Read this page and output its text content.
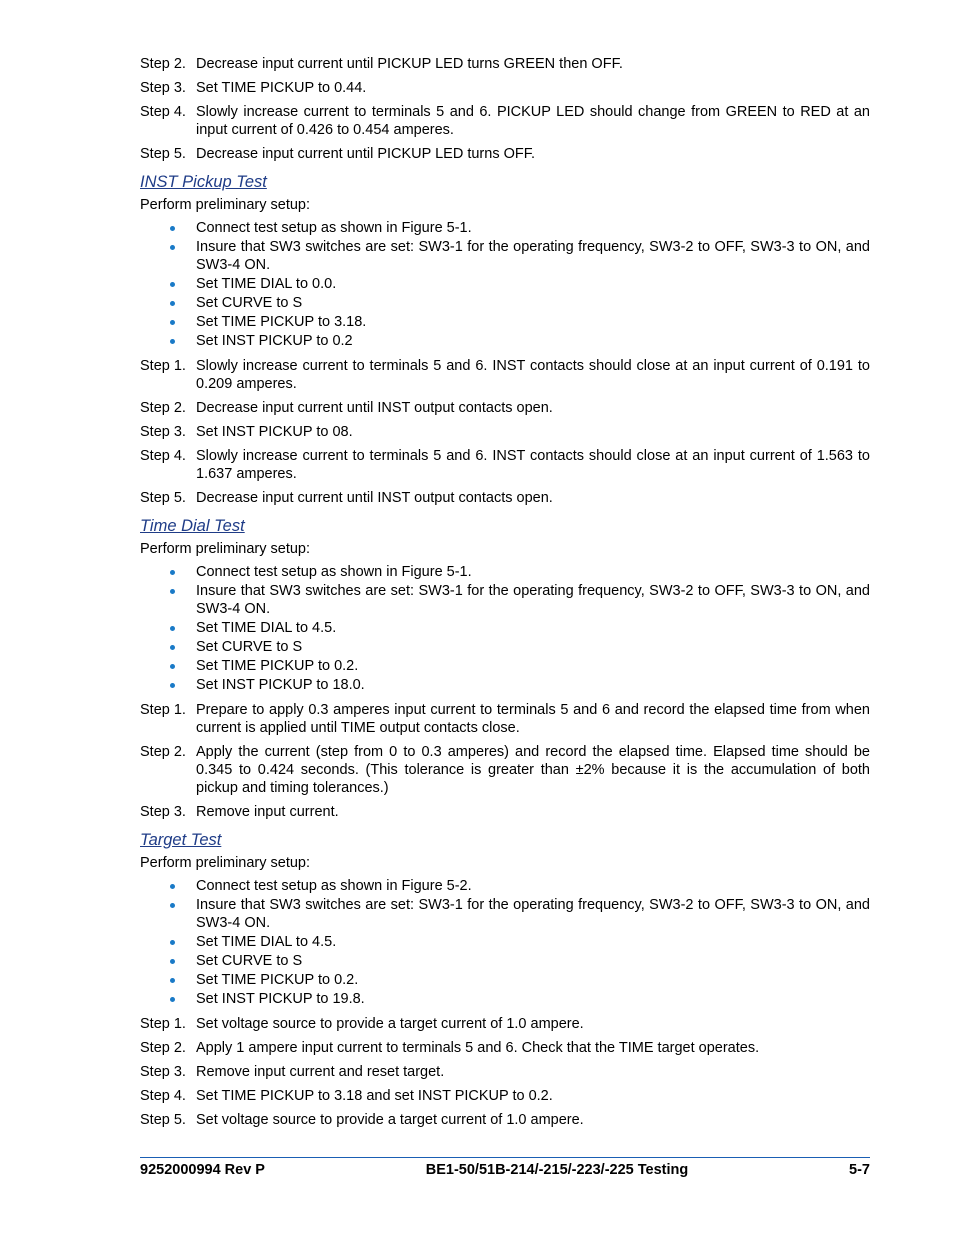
Step 2. Decrease input current until PICKUP LED turns GREEN then OFF.
Step 3. Set TIME PICKUP to 0.44.
Step 4. Slowly increase current to terminals 5 and 6. PICKUP LED should change from GREEN to RED at an input current of 0.426 to 0.454 amperes.
Step 5. Decrease input current until PICKUP LED turns OFF.
INST Pickup Test
Perform preliminary setup:
Connect test setup as shown in Figure 5-1.
Insure that SW3 switches are set: SW3-1 for the operating frequency, SW3-2 to OFF, SW3-3 to ON, and SW3-4 ON.
Set TIME DIAL to 0.0.
Set CURVE to S
Set TIME PICKUP to 3.18.
Set INST PICKUP to 0.2
Step 1. Slowly increase current to terminals 5 and 6. INST contacts should close at an input current of 0.191 to 0.209 amperes.
Step 2. Decrease input current until INST output contacts open.
Step 3. Set INST PICKUP to 08.
Step 4. Slowly increase current to terminals 5 and 6. INST contacts should close at an input current of 1.563 to 1.637 amperes.
Step 5. Decrease input current until INST output contacts open.
Time Dial Test
Perform preliminary setup:
Connect test setup as shown in Figure 5-1.
Insure that SW3 switches are set: SW3-1 for the operating frequency, SW3-2 to OFF, SW3-3 to ON, and SW3-4 ON.
Set TIME DIAL to 4.5.
Set CURVE to S
Set TIME PICKUP to 0.2.
Set INST PICKUP to 18.0.
Step 1. Prepare to apply 0.3 amperes input current to terminals 5 and 6 and record the elapsed time from when current is applied until TIME output contacts close.
Step 2. Apply the current (step from 0 to 0.3 amperes) and record the elapsed time. Elapsed time should be 0.345 to 0.424 seconds. (This tolerance is greater than ±2% because it is the accumulation of both pickup and timing tolerances.)
Step 3. Remove input current.
Target Test
Perform preliminary setup:
Connect test setup as shown in Figure 5-2.
Insure that SW3 switches are set: SW3-1 for the operating frequency, SW3-2 to OFF, SW3-3 to ON, and SW3-4 ON.
Set TIME DIAL to 4.5.
Set CURVE to S
Set TIME PICKUP to 0.2.
Set INST PICKUP to 19.8.
Step 1. Set voltage source to provide a target current of 1.0 ampere.
Step 2. Apply 1 ampere input current to terminals 5 and 6. Check that the TIME target operates.
Step 3. Remove input current and reset target.
Step 4. Set TIME PICKUP to 3.18 and set INST PICKUP to 0.2.
Step 5. Set voltage source to provide a target current of 1.0 ampere.
9252000994 Rev P	BE1-50/51B-214/-215/-223/-225 Testing	5-7
